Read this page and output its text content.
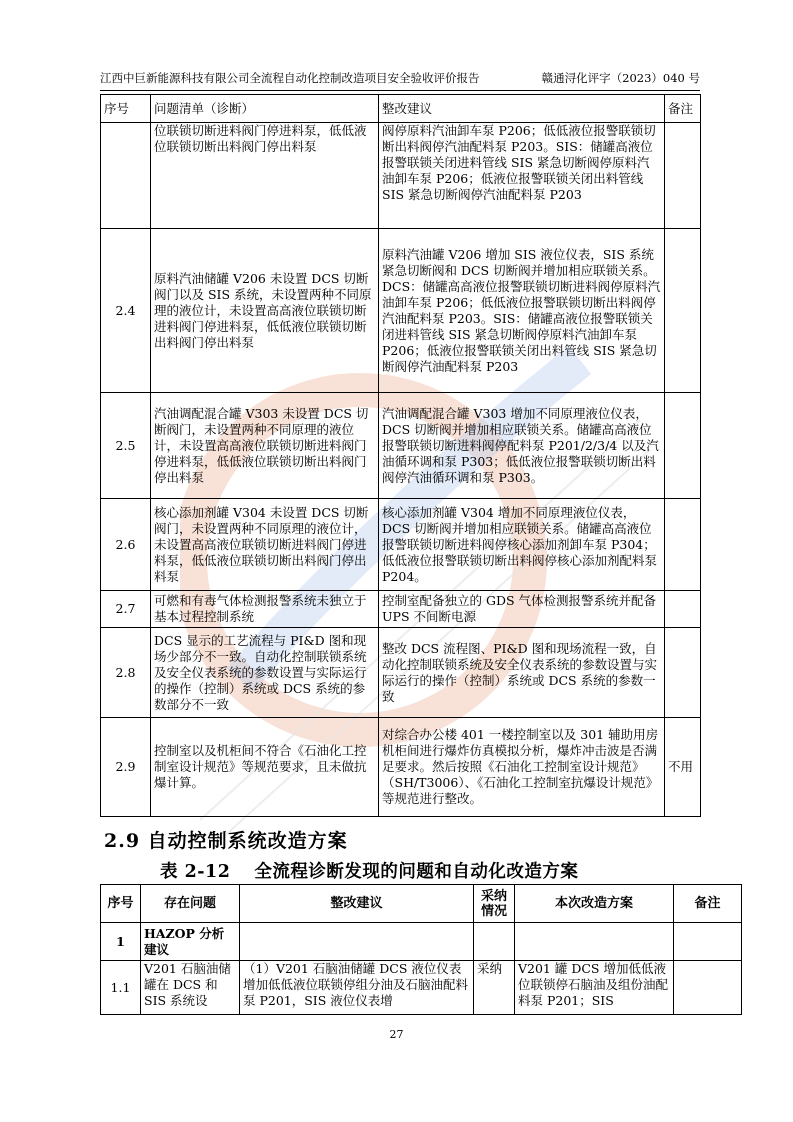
江西中巨新能源科技有限公司全流程自动化控制改造项目安全验收评价报告	赣通浔化评字（2023）040 号
序号	问题清单（诊断）	整改建议	备注
	位联锁切断进料阀门停进料泵，低低液位联锁切断出料阀门停出料泵	阀停原料汽油卸车泵 P206；低低液位报警联锁切断出料阀停汽油配料泵 P203。SIS：储罐高液位报警联锁关闭进料管线 SIS 紧急切断阀停原料汽油卸车泵 P206；低液位报警联锁关闭出料管线 SIS 紧急切断阀停汽油配料泵 P203	
2.4	原料汽油储罐 V206 未设置 DCS 切断阀门以及 SIS 系统，未设置两种不同原理的液位计，未设置高高液位联锁切断进料阀门停进料泵，低低液位联锁切断出料阀门停出料泵	原料汽油罐 V206 增加 SIS 液位仪表，SIS 系统紧急切断阀和 DCS 切断阀并增加相应联锁关系。DCS：储罐高高液位报警联锁切断进料阀停原料汽油卸车泵 P206；低低液位报警联锁切断出料阀停汽油配料泵 P203。SIS：储罐高液位报警联锁关闭进料管线 SIS 紧急切断阀停原料汽油卸车泵 P206；低液位报警联锁关闭出料管线 SIS 紧急切断阀停汽油配料泵 P203	
2.5	汽油调配混合罐 V303 未设置 DCS 切断阀门，未设置两种不同原理的液位计，未设置高高液位联锁切断进料阀门停进料泵，低低液位联锁切断出料阀门停出料泵	汽油调配混合罐 V303 增加不同原理液位仪表，DCS 切断阀并增加相应联锁关系。储罐高高液位报警联锁切断进料阀停配料泵 P201/2/3/4 以及汽油循环调和泵 P303；低低液位报警联锁切断出料阀停汽油循环调和泵 P303。	
2.6	核心添加剂罐 V304 未设置 DCS 切断阀门，未设置两种不同原理的液位计，未设置高高液位联锁切断进料阀门停进料泵，低低液位联锁切断出料阀门停出料泵	核心添加剂罐 V304 增加不同原理液位仪表，DCS 切断阀并增加相应联锁关系。储罐高高液位报警联锁切断进料阀停核心添加剂卸车泵 P304；低低液位报警联锁切断出料阀停核心添加剂配料泵 P204。	
2.7	可燃和有毒气体检测报警系统未独立于基本过程控制系统	控制室配备独立的 GDS 气体检测报警系统并配备 UPS 不间断电源	
2.8	DCS 显示的工艺流程与 PI&D 图和现场少部分不一致。自动化控制联锁系统及安全仪表系统的参数设置与实际运行的操作（控制）系统或 DCS 系统的参数部分不一致	整改 DCS 流程图、PI&D 图和现场流程一致，自动化控制联锁系统及安全仪表系统的参数设置与实际运行的操作（控制）系统或 DCS 系统的参数一致	
2.9	控制室以及机柜间不符合《石油化工控制室设计规范》等规范要求，且未做抗爆计算。	对综合办公楼 401 一楼控制室以及 301 辅助用房机柜间进行爆炸仿真模拟分析，爆炸冲击波是否满足要求。然后按照《石油化工控制室设计规范》（SH/T3006）、《石油化工控制室抗爆设计规范》等规范进行整改。	不用
2.9 自动控制系统改造方案
表 2-12 全流程诊断发现的问题和自动化改造方案
序号	存在问题	整改建议	采纳情况	本次改造方案	备注
1	HAZOP 分析建议				
1.1	V201 石脑油储罐在 DCS 和 SIS 系统设	（1）V201 石脑油储罐 DCS 液位仪表增加低低液位联锁停组分油及石脑油配料泵 P201，SIS 液位仪表增	采纳	V201 罐 DCS 增加低低液位联锁停石脑油及组份油配料泵 P201；SIS	
27
